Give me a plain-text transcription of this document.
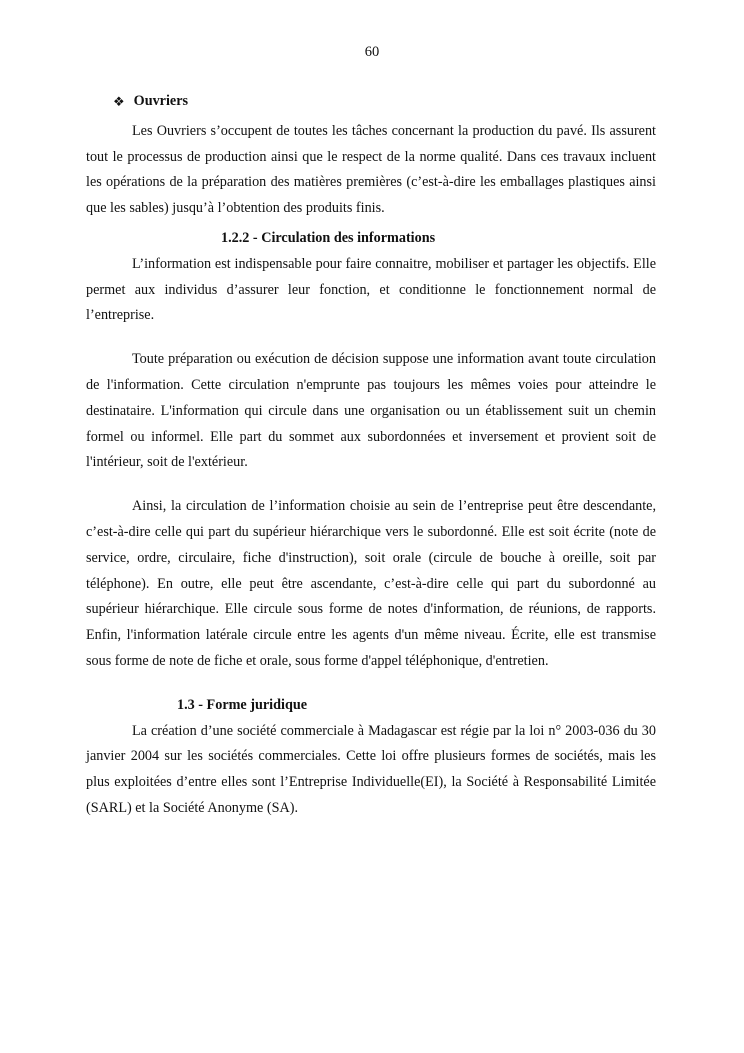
60
❖ Ouvriers

Les Ouvriers s’occupent de toutes les tâches concernant la production du pavé. Ils assurent tout le processus de production ainsi que le respect de la norme qualité. Dans ces travaux incluent les opérations de la préparation des matières premières (c’est-à-dire les emballages plastiques ainsi que les sables) jusqu’à l’obtention des produits finis.

1.2.2 - Circulation des informations

L’information est indispensable pour faire connaitre, mobiliser et partager les objectifs. Elle permet aux individus d’assurer leur fonction, et conditionne le fonctionnement normal de l’entreprise.

Toute préparation ou exécution de décision suppose une information avant toute circulation de l'information. Cette circulation n'emprunte pas toujours les mêmes voies pour atteindre le destinataire. L'information qui circule dans une organisation ou un établissement suit un chemin formel ou informel. Elle part du sommet aux subordonnées et inversement et provient soit de l'intérieur, soit de l'extérieur.

Ainsi, la circulation de l’information choisie au sein de l’entreprise peut être descendante, c’est-à-dire celle qui part du supérieur hiérarchique vers le subordonné. Elle est soit écrite (note de service, ordre, circulaire, fiche d'instruction), soit orale (circule de bouche à oreille, soit par téléphone). En outre, elle peut être ascendante, c’est-à-dire celle qui part du subordonné au supérieur hiérarchique. Elle circule sous forme de notes d'information, de réunions, de rapports. Enfin, l'information latérale circule entre les agents d'un même niveau. Écrite, elle est transmise sous forme de note de fiche et orale, sous forme d'appel téléphonique, d'entretien.

1.3 - Forme juridique

La création d’une société commerciale à Madagascar est régie par la loi n° 2003-036 du 30 janvier 2004 sur les sociétés commerciales. Cette loi offre plusieurs formes de sociétés, mais les plus exploitées d’entre elles sont l’Entreprise Individuelle(EI), la Société à Responsabilité Limitée (SARL) et la Société Anonyme (SA).
